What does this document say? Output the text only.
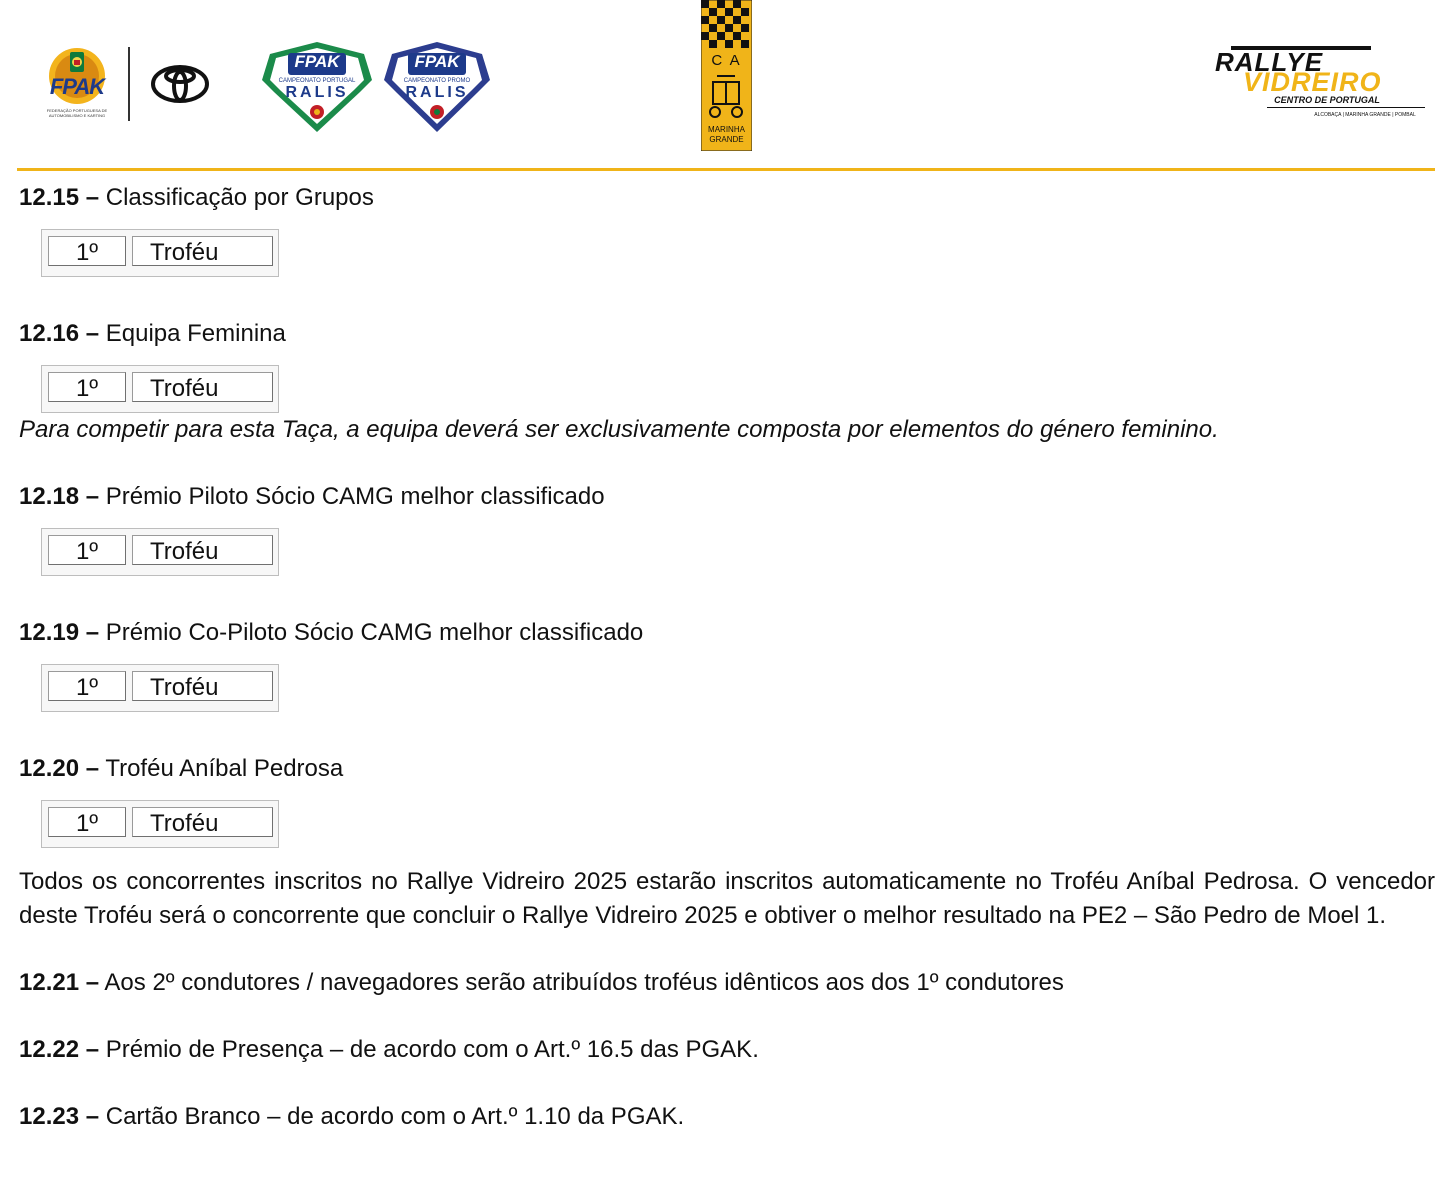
FPAK
FEDERAÇÃO PORTUGUESA DE AUTOMOBILISMO E KARTING
FPAK
CAMPEONATO PORTUGAL
RALIS
FPAK
CAMPEONATO PROMO
RALIS
C A
MARINHA GRANDE
RALLYE
VIDREIRO
CENTRO DE PORTUGAL
ALCOBAÇA | MARINHA GRANDE | POMBAL

12.15 – Classificação por Grupos

1º	Troféu

12.16 – Equipa Feminina

1º	Troféu

Para competir para esta Taça, a equipa deverá ser exclusivamente composta por elementos do género feminino.

12.18 – Prémio Piloto Sócio CAMG melhor classificado

1º	Troféu

12.19 – Prémio Co-Piloto Sócio CAMG melhor classificado

1º	Troféu

12.20 – Troféu Aníbal Pedrosa

1º	Troféu

Todos os concorrentes inscritos no Rallye Vidreiro 2025 estarão inscritos automaticamente no Troféu Aníbal Pedrosa. O vencedor deste Troféu será o concorrente que concluir o Rallye Vidreiro 2025 e obtiver o melhor resultado na PE2 – São Pedro de Moel 1.

12.21 – Aos 2º condutores / navegadores serão atribuídos troféus idênticos aos dos 1º condutores

12.22 – Prémio de Presença – de acordo com o Art.º 16.5 das PGAK.

12.23 – Cartão Branco – de acordo com o Art.º 1.10 da PGAK.
